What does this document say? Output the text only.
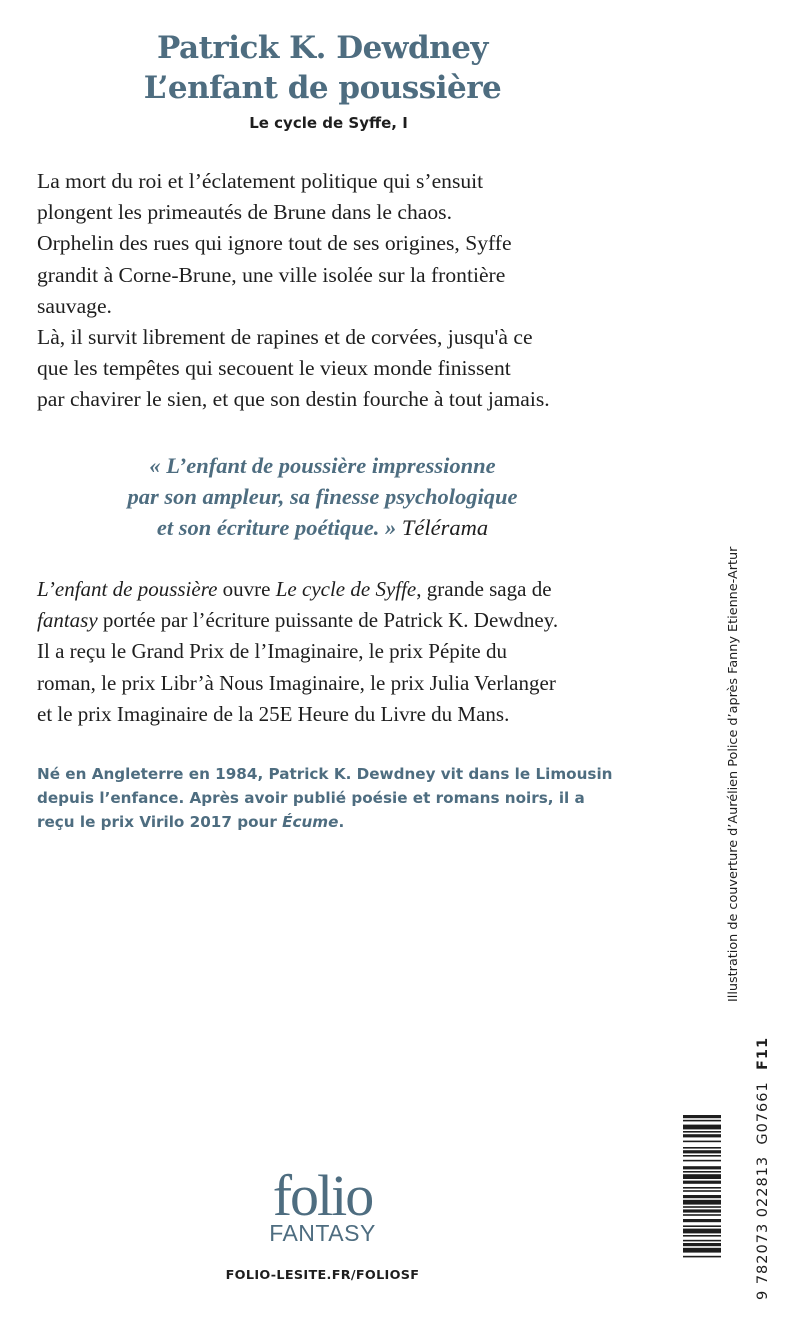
Patrick K. Dewdney
L’enfant de poussière
Le cycle de Syffe, I

La mort du roi et l’éclatement politique qui s’ensuit

plongent les primeautés de Brune dans le chaos.

Orphelin des rues qui ignore tout de ses origines, Syffe

grandit à Corne-Brune, une ville isolée sur la frontière

sauvage.

Là, il survit librement de rapines et de corvées, jusqu'à ce

que les tempêtes qui secouent le vieux monde finissent

par chavirer le sien, et que son destin fourche à tout jamais.

« L’enfant de poussière impressionne
par son ampleur, sa finesse psychologique
et son écriture poétique. » Télérama

L’enfant de poussière ouvre Le cycle de Syffe, grande saga de

fantasy portée par l’écriture puissante de Patrick K. Dewdney.

Il a reçu le Grand Prix de l’Imaginaire, le prix Pépite du

roman, le prix Libr’à Nous Imaginaire, le prix Julia Verlanger

et le prix Imaginaire de la 25E Heure du Livre du Mans.

Né en Angleterre en 1984, Patrick K. Dewdney vit dans le Limousin

depuis l’enfance. Après avoir publié poésie et romans noirs, il a

reçu le prix Virilo 2017 pour Écume.	Illustration de couverture d’Aurélien Police d’après Fanny Etienne-Artur
9 782073 022813  G07661  F11
folio
FANTASY
FOLIO-LESITE.FR/FOLIOSF
